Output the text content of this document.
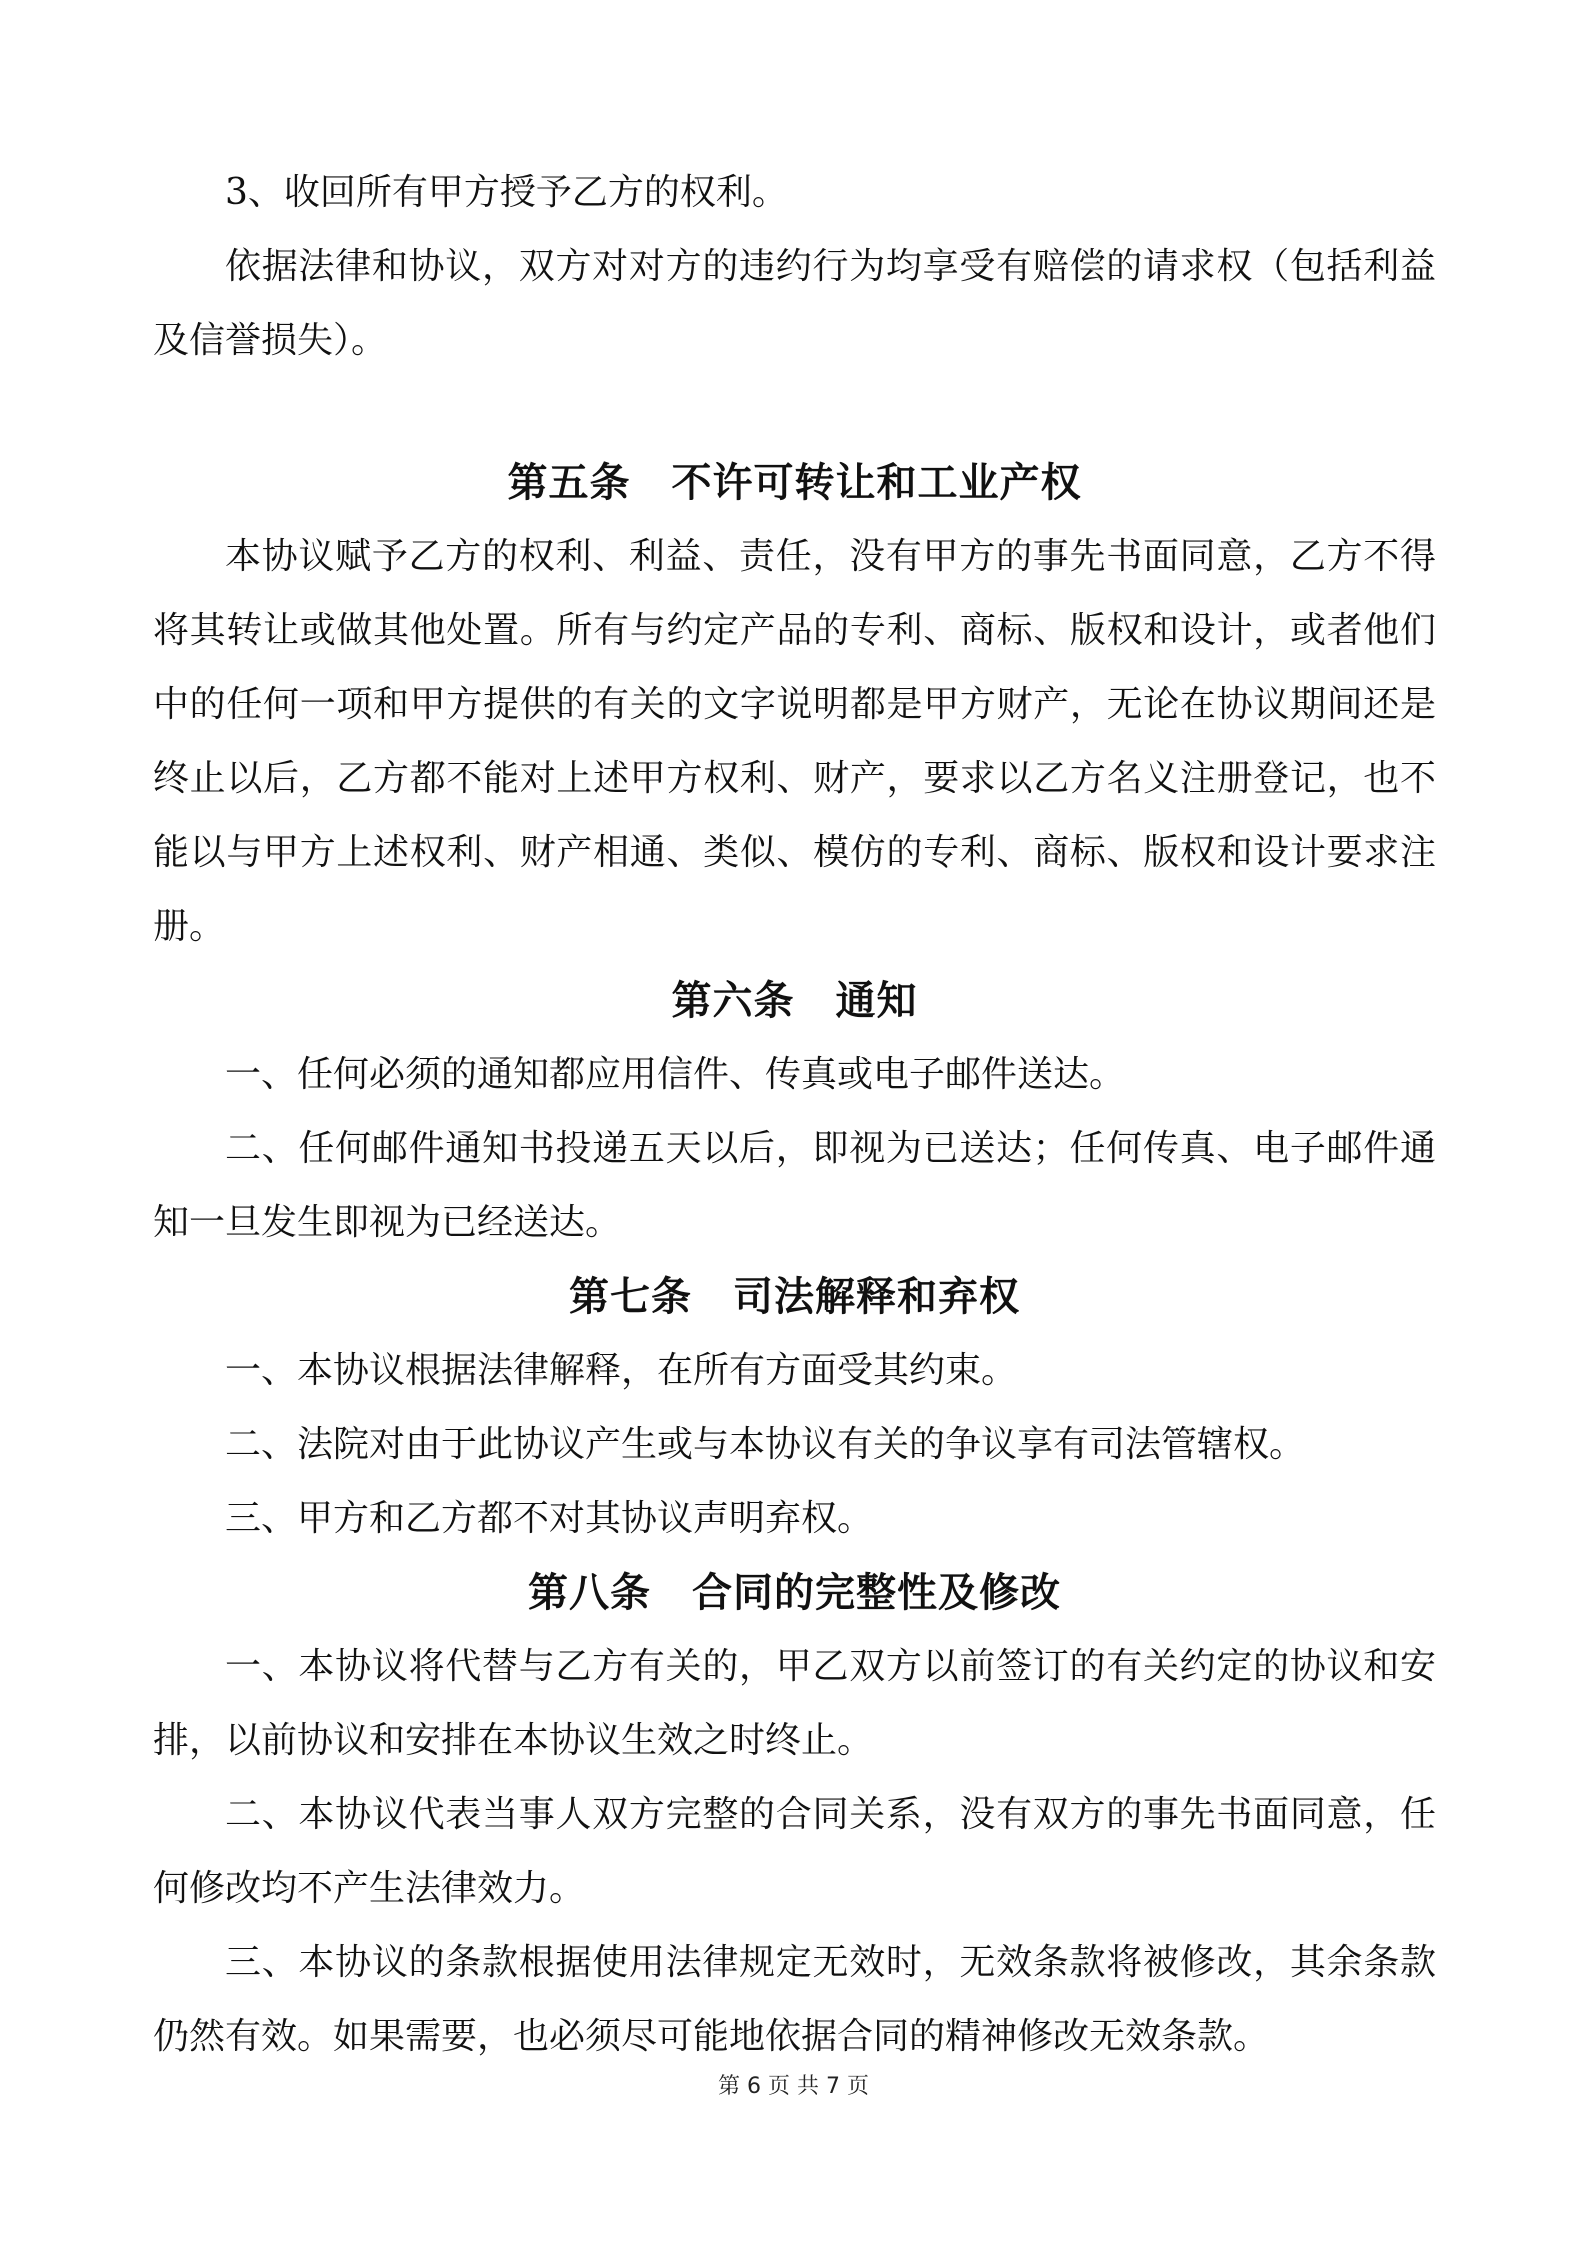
3、收回所有甲方授予乙方的权利。

依据法律和协议，双方对对方的违约行为均享受有赔偿的请求权（包括利益及信誉损失）。

第五条　不许可转让和工业产权

本协议赋予乙方的权利、利益、责任，没有甲方的事先书面同意，乙方不得将其转让或做其他处置。所有与约定产品的专利、商标、版权和设计，或者他们中的任何一项和甲方提供的有关的文字说明都是甲方财产，无论在协议期间还是终止以后，乙方都不能对上述甲方权利、财产，要求以乙方名义注册登记，也不能以与甲方上述权利、财产相通、类似、模仿的专利、商标、版权和设计要求注册。

第六条　通知

一、任何必须的通知都应用信件、传真或电子邮件送达。

二、任何邮件通知书投递五天以后，即视为已送达；任何传真、电子邮件通知一旦发生即视为已经送达。

第七条　司法解释和弃权

一、本协议根据法律解释，在所有方面受其约束。

二、法院对由于此协议产生或与本协议有关的争议享有司法管辖权。

三、甲方和乙方都不对其协议声明弃权。

第八条　合同的完整性及修改

一、本协议将代替与乙方有关的，甲乙双方以前签订的有关约定的协议和安排，以前协议和安排在本协议生效之时终止。

二、本协议代表当事人双方完整的合同关系，没有双方的事先书面同意，任何修改均不产生法律效力。

三、本协议的条款根据使用法律规定无效时，无效条款将被修改，其余条款仍然有效。如果需要，也必须尽可能地依据合同的精神修改无效条款。

第 6 页 共 7 页
